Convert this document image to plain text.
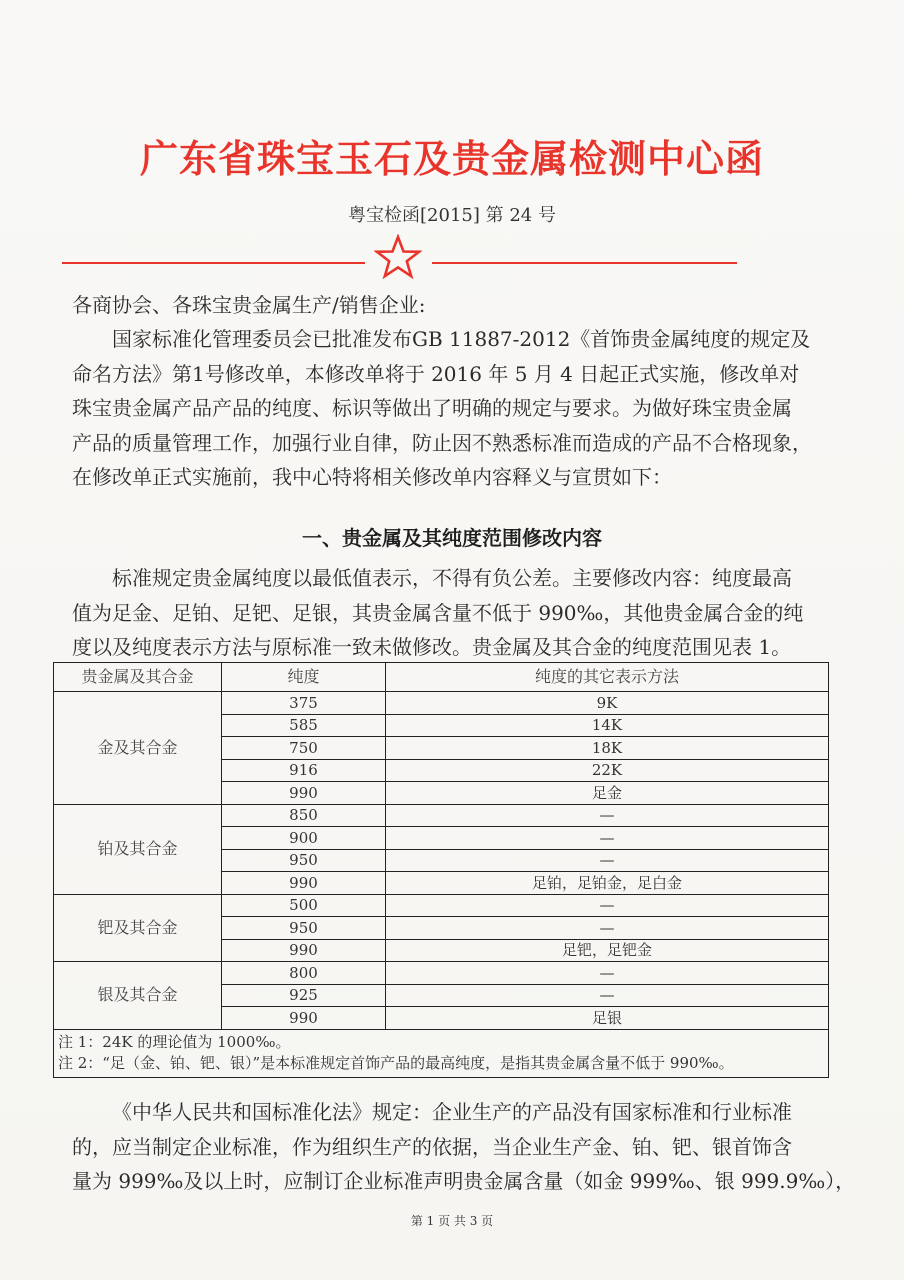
广东省珠宝玉石及贵金属检测中心函
粤宝检函[2015] 第 24 号
各商协会、各珠宝贵金属生产/销售企业:
国家标准化管理委员会已批准发布GB 11887-2012《首饰贵金属纯度的规定及
命名方法》第1号修改单，本修改单将于 2016 年 5 月 4 日起正式实施，修改单对
珠宝贵金属产品产品的纯度、标识等做出了明确的规定与要求。为做好珠宝贵金属
产品的质量管理工作，加强行业自律，防止因不熟悉标准而造成的产品不合格现象，
在修改单正式实施前，我中心特将相关修改单内容释义与宣贯如下：
一、贵金属及其纯度范围修改内容
标准规定贵金属纯度以最低值表示，不得有负公差。主要修改内容：纯度最高
值为足金、足铂、足钯、足银，其贵金属含量不低于 990‰，其他贵金属合金的纯
度以及纯度表示方法与原标准一致未做修改。贵金属及其合金的纯度范围见表 1。
贵金属及其合金	纯度	纯度的其它表示方法
金及其合金	375	9K
	585	14K
	750	18K
	916	22K
	990	足金
铂及其合金	850	—
	900	—
	950	—
	990	足铂，足铂金，足白金
钯及其合金	500	—
	950	—
	990	足钯，足钯金
银及其合金	800	—
	925	—
	990	足银

注 1：24K 的理论值为 1000‰。
注 2：“足（金、铂、钯、银）”是本标准规定首饰产品的最高纯度，是指其贵金属含量不低于 990‰。		
《中华人民共和国标准化法》规定：企业生产的产品没有国家标准和行业标准
的，应当制定企业标准，作为组织生产的依据，当企业生产金、铂、钯、银首饰含
量为 999‰及以上时，应制订企业标准声明贵金属含量（如金 999‰、银 999.9‰），
第 1 页 共 3 页
